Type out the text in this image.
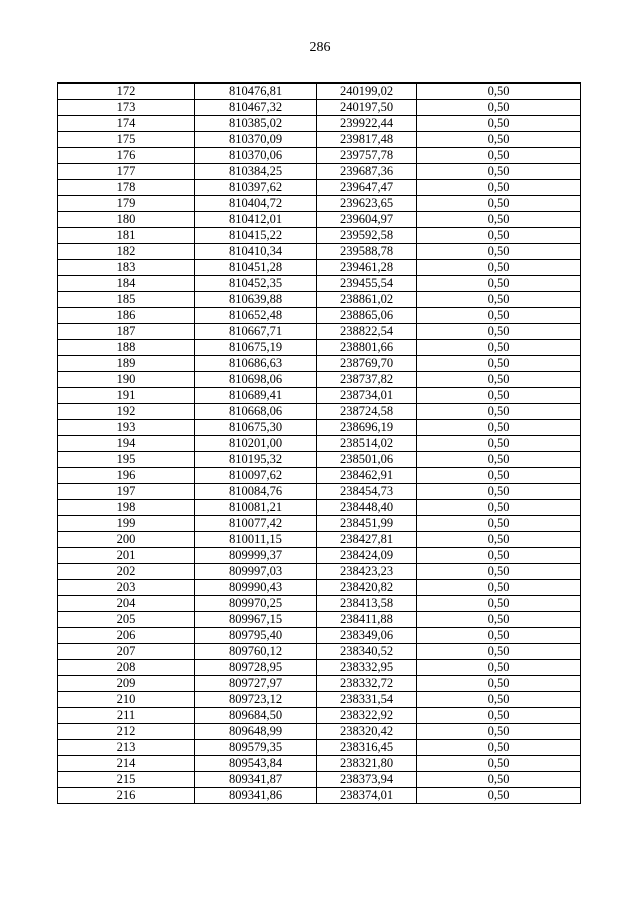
286
172	810476,81	240199,02	0,50
173	810467,32	240197,50	0,50
174	810385,02	239922,44	0,50
175	810370,09	239817,48	0,50
176	810370,06	239757,78	0,50
177	810384,25	239687,36	0,50
178	810397,62	239647,47	0,50
179	810404,72	239623,65	0,50
180	810412,01	239604,97	0,50
181	810415,22	239592,58	0,50
182	810410,34	239588,78	0,50
183	810451,28	239461,28	0,50
184	810452,35	239455,54	0,50
185	810639,88	238861,02	0,50
186	810652,48	238865,06	0,50
187	810667,71	238822,54	0,50
188	810675,19	238801,66	0,50
189	810686,63	238769,70	0,50
190	810698,06	238737,82	0,50
191	810689,41	238734,01	0,50
192	810668,06	238724,58	0,50
193	810675,30	238696,19	0,50
194	810201,00	238514,02	0,50
195	810195,32	238501,06	0,50
196	810097,62	238462,91	0,50
197	810084,76	238454,73	0,50
198	810081,21	238448,40	0,50
199	810077,42	238451,99	0,50
200	810011,15	238427,81	0,50
201	809999,37	238424,09	0,50
202	809997,03	238423,23	0,50
203	809990,43	238420,82	0,50
204	809970,25	238413,58	0,50
205	809967,15	238411,88	0,50
206	809795,40	238349,06	0,50
207	809760,12	238340,52	0,50
208	809728,95	238332,95	0,50
209	809727,97	238332,72	0,50
210	809723,12	238331,54	0,50
211	809684,50	238322,92	0,50
212	809648,99	238320,42	0,50
213	809579,35	238316,45	0,50
214	809543,84	238321,80	0,50
215	809341,87	238373,94	0,50
216	809341,86	238374,01	0,50
